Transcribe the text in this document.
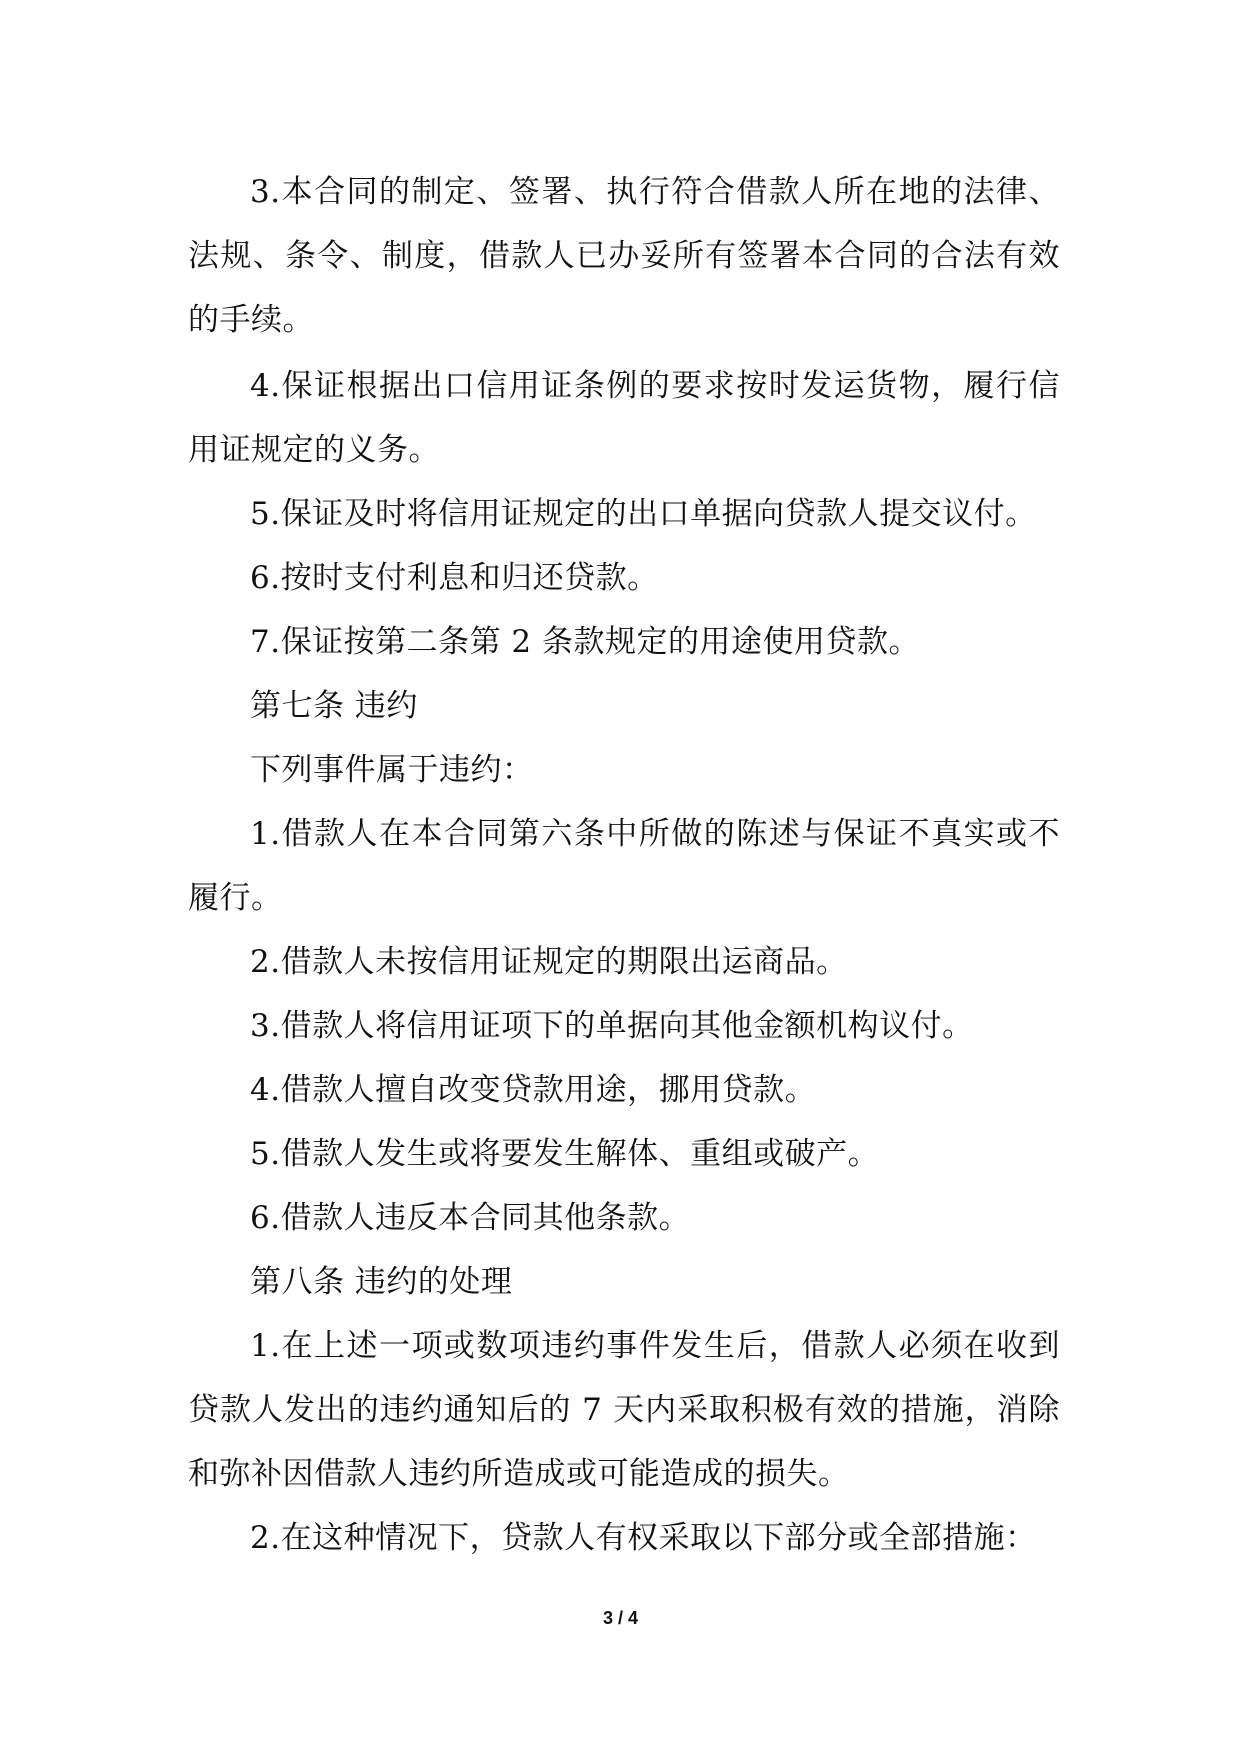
3.本合同的制定、签署、执行符合借款人所在地的法律、法规、条令、制度，借款人已办妥所有签署本合同的合法有效的手续。

4.保证根据出口信用证条例的要求按时发运货物，履行信用证规定的义务。

5.保证及时将信用证规定的出口单据向贷款人提交议付。

6.按时支付利息和归还贷款。

7.保证按第二条第 2 条款规定的用途使用贷款。

第七条 违约

下列事件属于违约：

1.借款人在本合同第六条中所做的陈述与保证不真实或不履行。

2.借款人未按信用证规定的期限出运商品。

3.借款人将信用证项下的单据向其他金额机构议付。

4.借款人擅自改变贷款用途，挪用贷款。

5.借款人发生或将要发生解体、重组或破产。

6.借款人违反本合同其他条款。

第八条 违约的处理

1.在上述一项或数项违约事件发生后，借款人必须在收到贷款人发出的违约通知后的 7 天内采取积极有效的措施，消除和弥补因借款人违约所造成或可能造成的损失。

2.在这种情况下，贷款人有权采取以下部分或全部措施：

3 / 4
